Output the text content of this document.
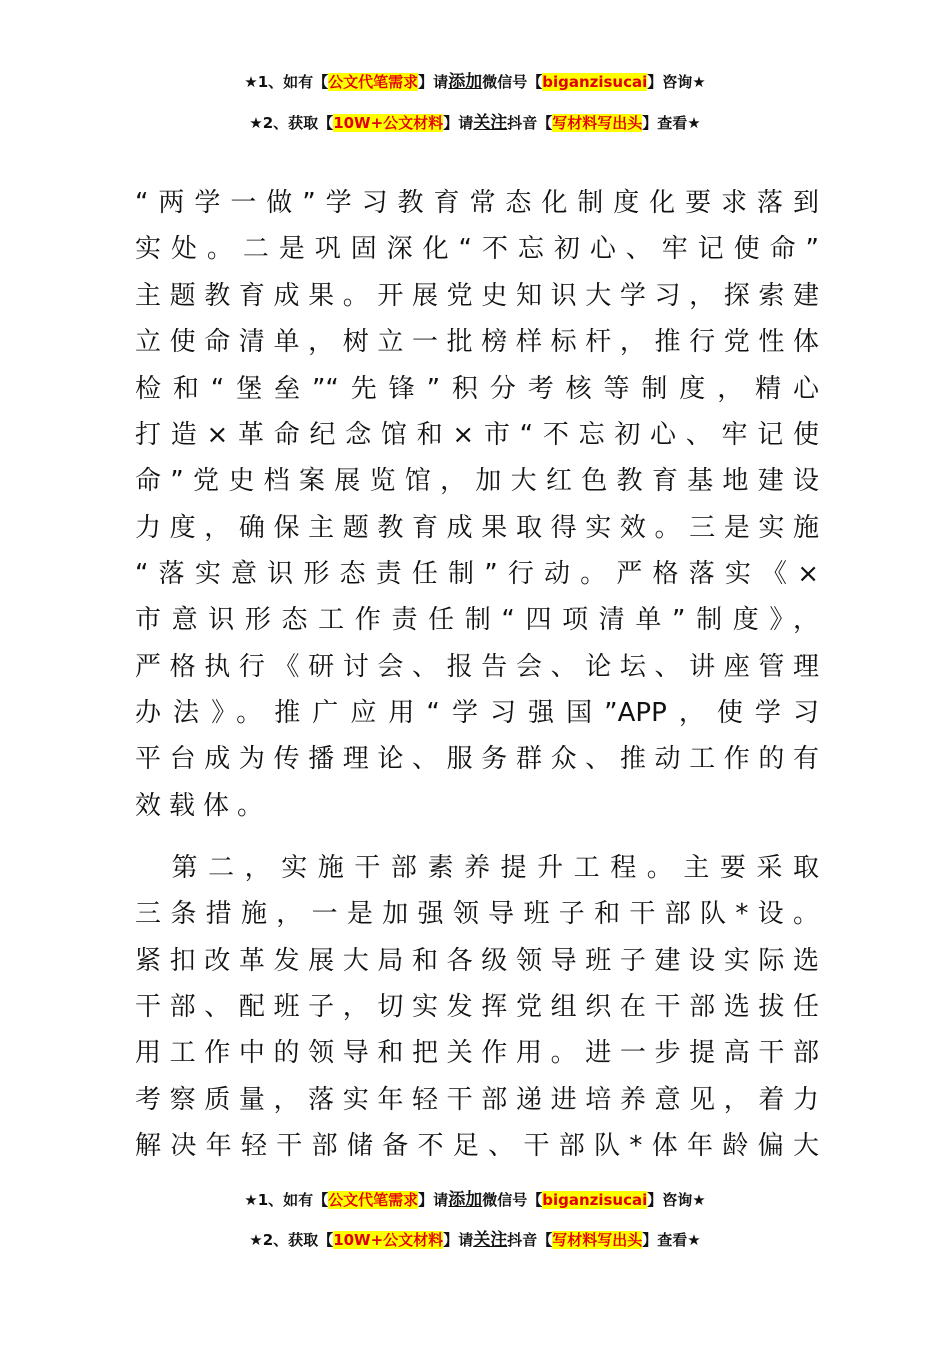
★1、如有【公文代笔需求】请添加微信号【biganzisucai】咨询★
★2、获取【10W+公文材料】请关注抖音【写材料写出头】查看★
“两学一做”学习教育常态化制度化要求落到
实处。二是巩固深化“不忘初心、牢记使命”
主题教育成果。开展党史知识大学习，探索建
立使命清单，树立一批榜样标杆，推行党性体
检和“堡垒”“先锋”积分考核等制度，精心
打造×革命纪念馆和×市“不忘初心、牢记使
命”党史档案展览馆，加大红色教育基地建设
力度，确保主题教育成果取得实效。三是实施
“落实意识形态责任制”行动。严格落实《×
市意识形态工作责任制“四项清单”制度》，
严格执行《研讨会、报告会、论坛、讲座管理
办法》。推广应用“学习强国”APP，使学习
平台成为传播理论、服务群众、推动工作的有
效载体。
　第二，实施干部素养提升工程。主要采取
三条措施，一是加强领导班子和干部队*设。
紧扣改革发展大局和各级领导班子建设实际选
干部、配班子，切实发挥党组织在干部选拔任
用工作中的领导和把关作用。进一步提高干部
考察质量，落实年轻干部递进培养意见，着力
解决年轻干部储备不足、干部队*体年龄偏大
★1、如有【公文代笔需求】请添加微信号【biganzisucai】咨询★
★2、获取【10W+公文材料】请关注抖音【写材料写出头】查看★
